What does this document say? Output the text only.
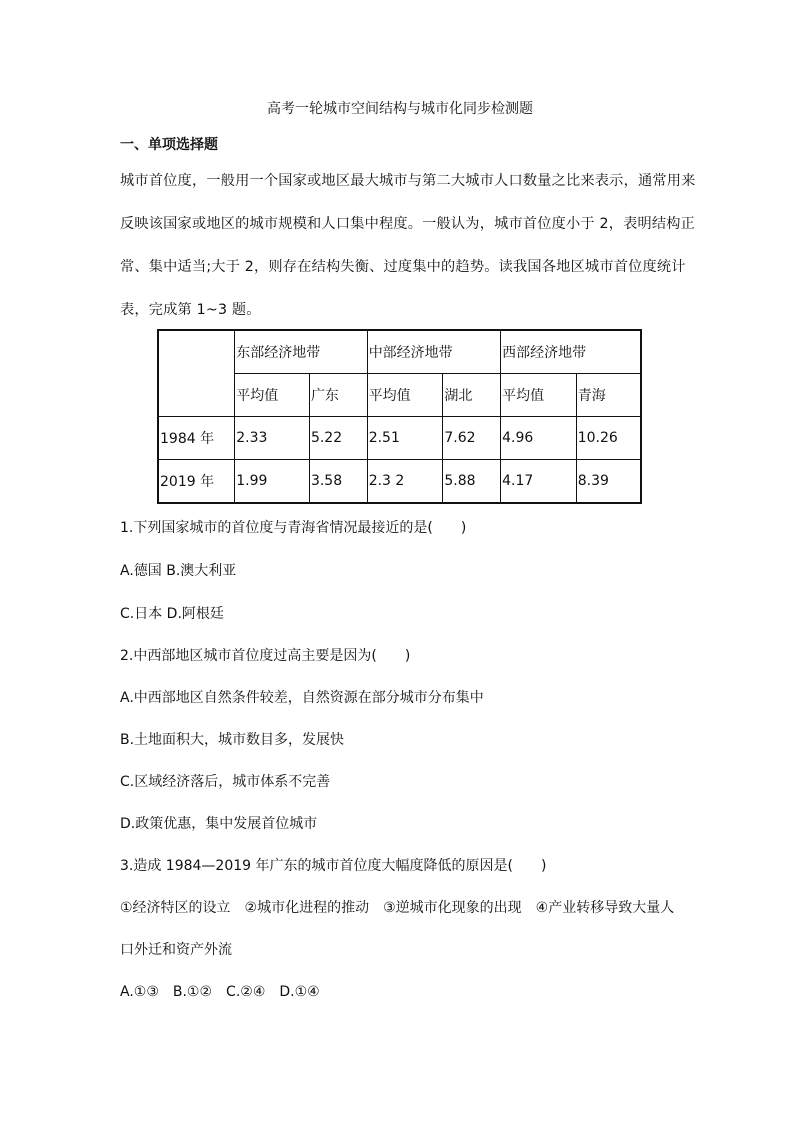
高考一轮城市空间结构与城市化同步检测题
一、单项选择题
城市首位度，一般用一个国家或地区最大城市与第二大城市人口数量之比来表示，通常用来
反映该国家或地区的城市规模和人口集中程度。一般认为，城市首位度小于 2，表明结构正
常、集中适当;大于 2，则存在结构失衡、过度集中的趋势。读我国各地区城市首位度统计
表，完成第 1~3 题。
	东部经济地带		中部经济地带		西部经济地带	
	平均值	广东	平均值	湖北	平均值	青海
1984 年	2.33	5.22	2.51	7.62	4.96	10.26
2019 年	1.99	3.58	2.3 2	5.88	4.17	8.39
1.下列国家城市的首位度与青海省情况最接近的是(　　)
A.德国 B.澳大利亚
C.日本 D.阿根廷
2.中西部地区城市首位度过高主要是因为(　　)
A.中西部地区自然条件较差，自然资源在部分城市分布集中
B.土地面积大，城市数目多，发展快
C.区域经济落后，城市体系不完善
D.政策优惠，集中发展首位城市
3.造成 1984—2019 年广东的城市首位度大幅度降低的原因是(　　)
①经济特区的设立　②城市化进程的推动　③逆城市化现象的出现　④产业转移导致大量人
口外迁和资产外流
A.①③　B.①②　C.②④　D.①④
